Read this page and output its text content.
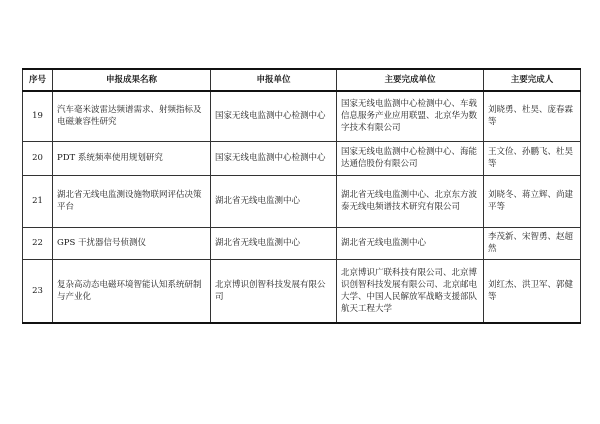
序号	申报成果名称	申报单位	主要完成单位	主要完成人
19	汽车毫米波雷达频谱需求、射频指标及电磁兼容性研究	国家无线电监测中心检测中心	国家无线电监测中心检测中心、车载信息服务产业应用联盟、北京华为数字技术有限公司	刘晓勇、杜昊、庞春霖等
20	PDT 系统频率使用规划研究	国家无线电监测中心检测中心	国家无线电监测中心检测中心、海能达通信股份有限公司	王文俭、孙鹏飞、杜昊等
21	湖北省无线电监测设施物联网评估决策平台	湖北省无线电监测中心	湖北省无线电监测中心、北京东方波泰无线电频谱技术研究有限公司	刘晓冬、蒋立辉、尚建平等
22	GPS 干扰器信号侦测仪	湖北省无线电监测中心	湖北省无线电监测中心	李茂新、宋智勇、赵超然
23	复杂高动态电磁环境智能认知系统研制与产业化	北京博识创智科技发展有限公司	北京博识广联科技有限公司、北京博识创智科技发展有限公司、北京邮电大学、中国人民解放军战略支援部队航天工程大学	刘红杰、洪卫军、郭健等
